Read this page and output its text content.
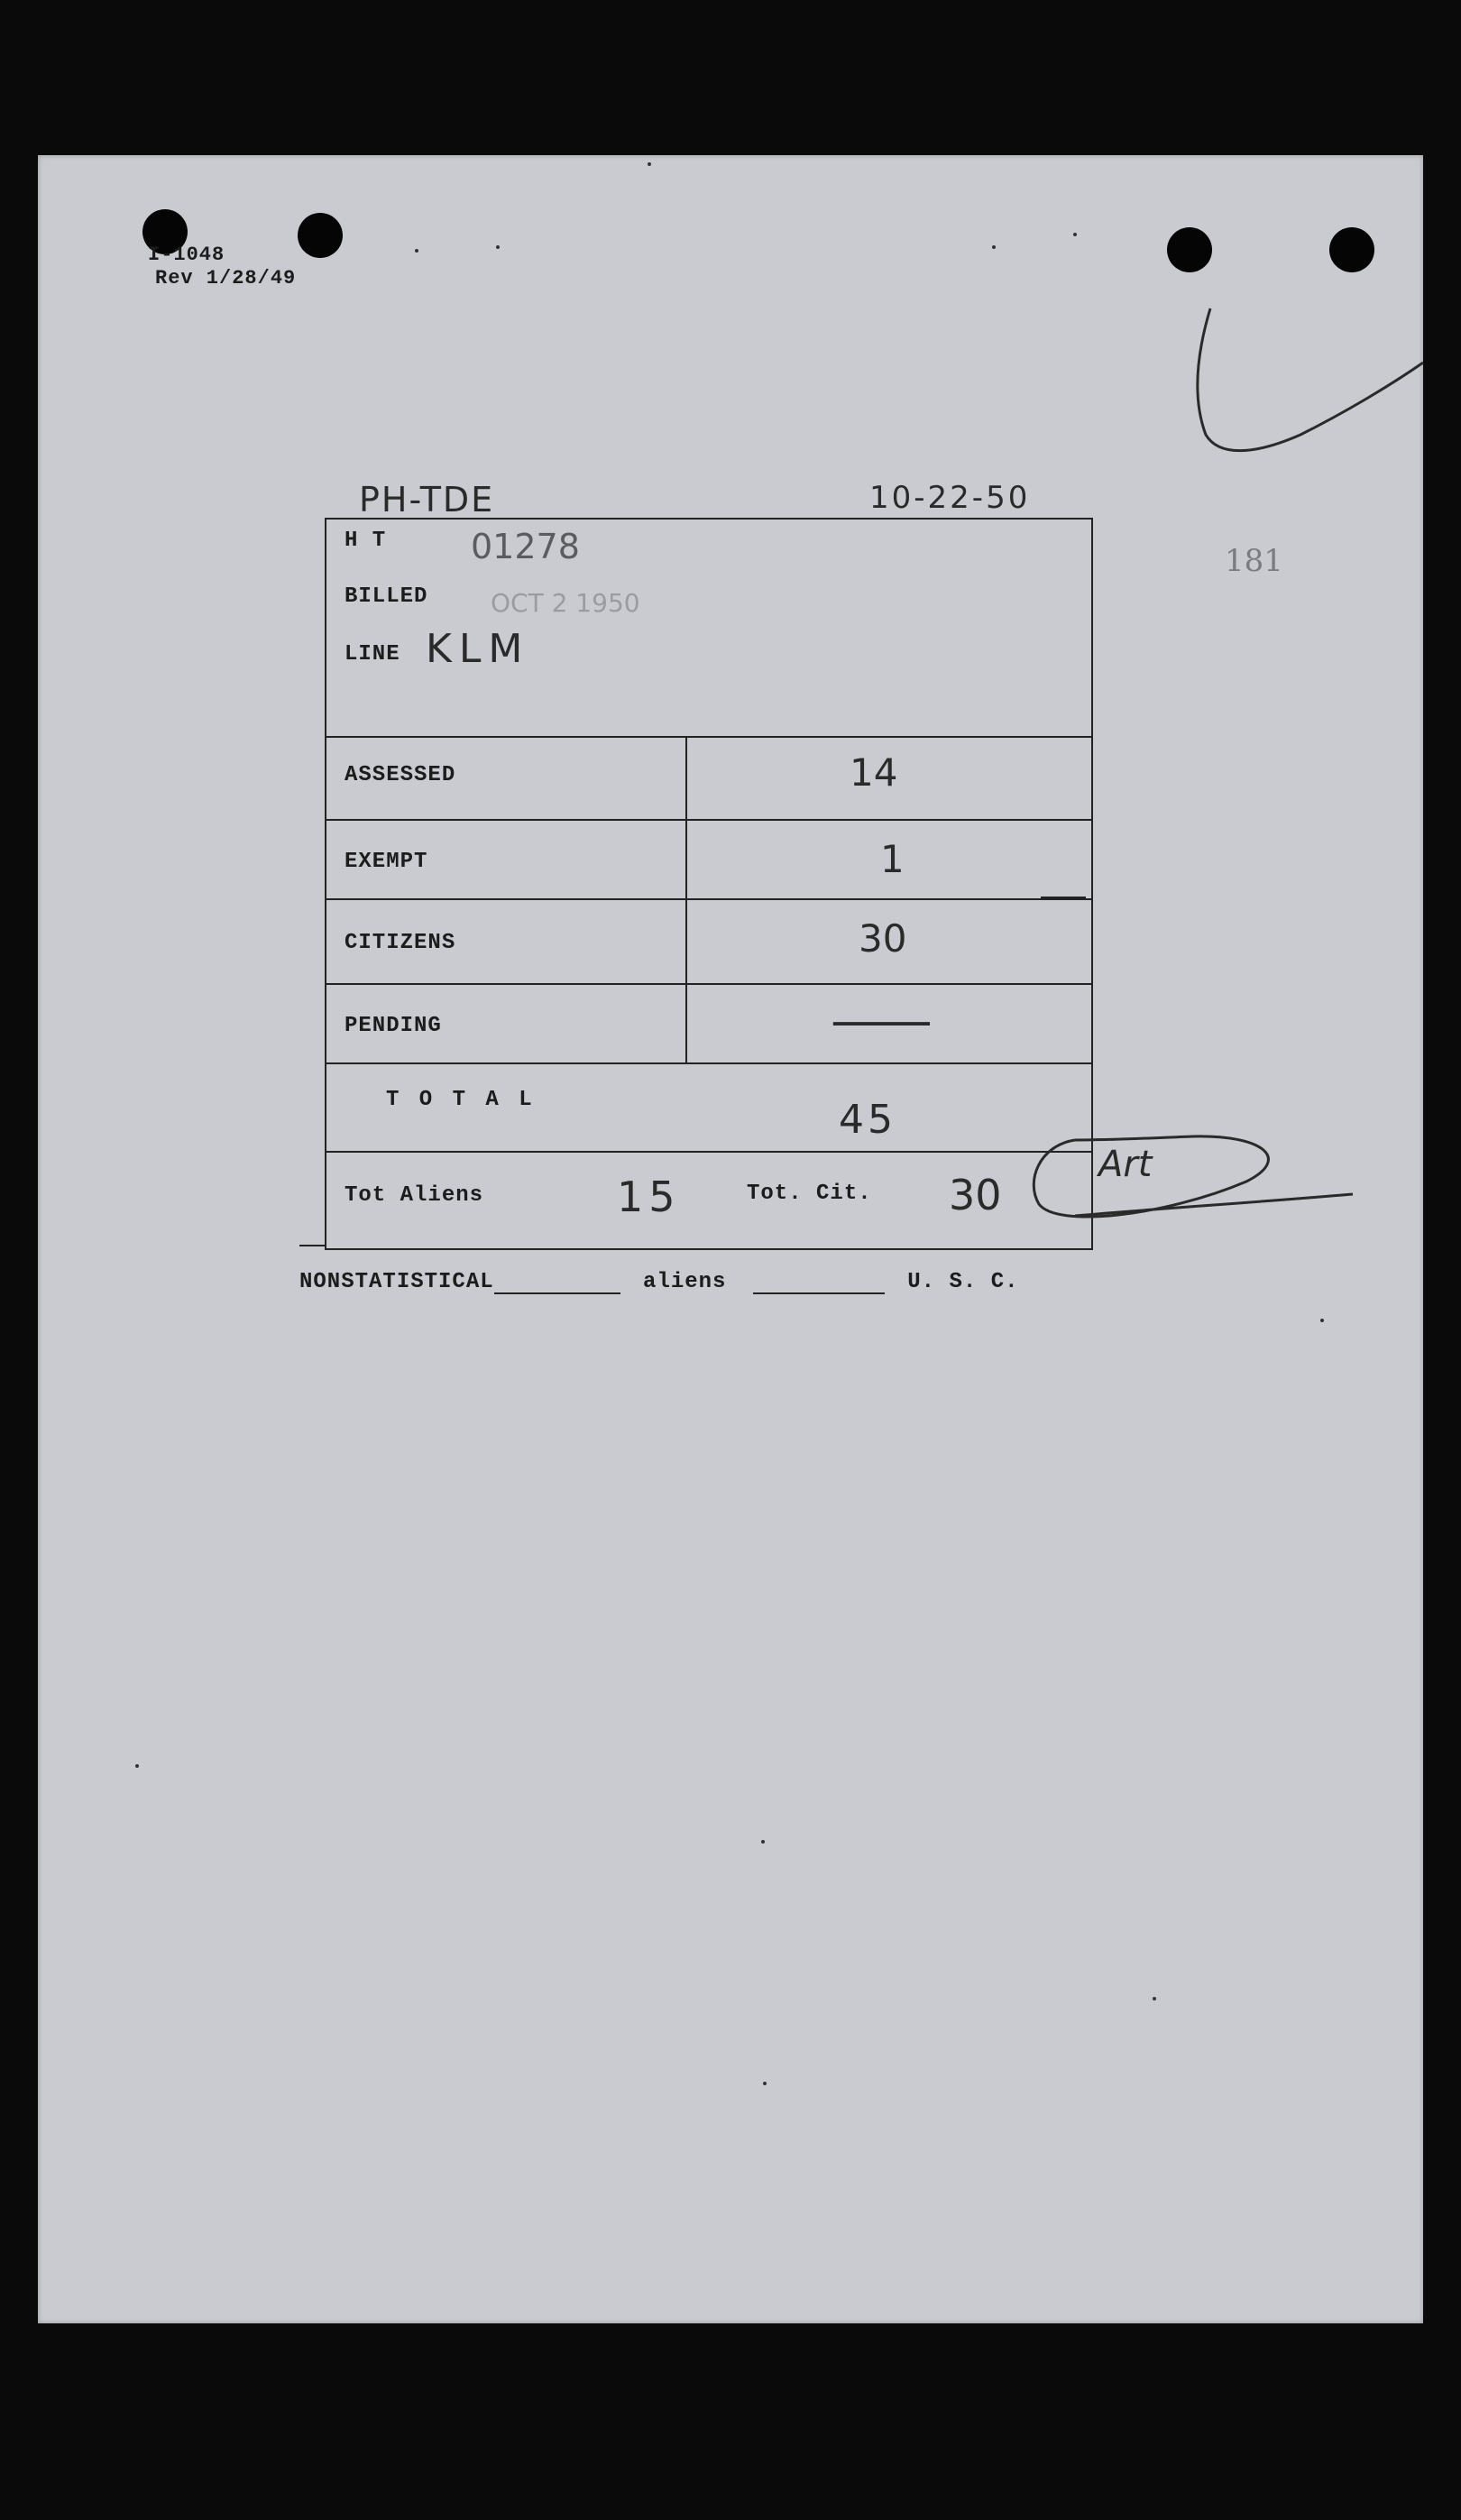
I-1048
Rev 1/28/49
181
PH-TDE	10-22-50
H T 01278
BILLED OCT 2 1950
LINE KLM
ASSESSED	14
EXEMPT	1
CITIZENS	30
PENDING	—
T O T A L	45
Tot Aliens	15	Tot. Cit. 30
Art
NONSTATISTICAL	aliens	U. S. C.
